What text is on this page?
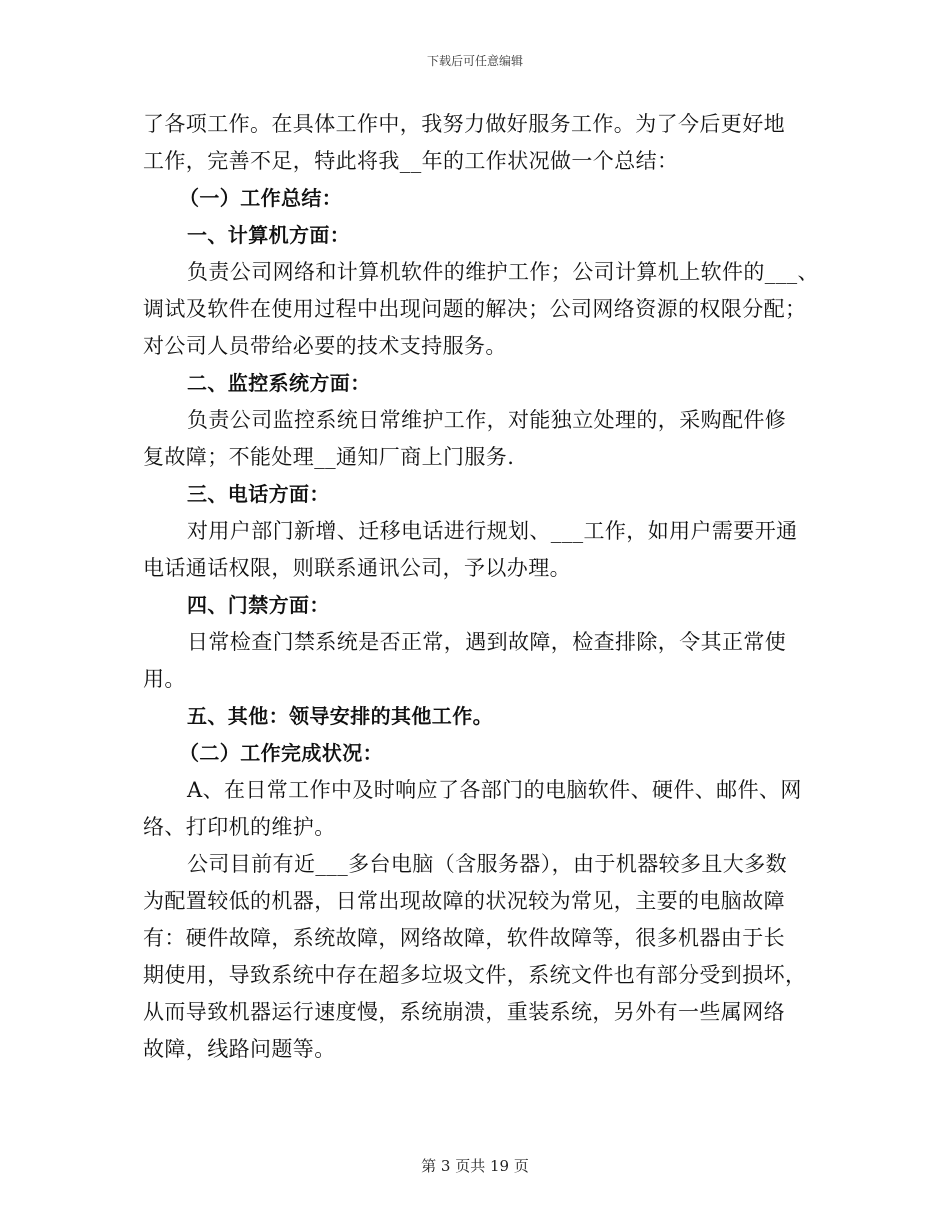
下载后可任意编辑
了各项工作。在具体工作中，我努力做好服务工作。为了今后更好地
工作，完善不足，特此将我__年的工作状况做一个总结：
（一）工作总结：
一、计算机方面：
负责公司网络和计算机软件的维护工作；公司计算机上软件的___、
调试及软件在使用过程中出现问题的解决；公司网络资源的权限分配；
对公司人员带给必要的技术支持服务。
二、监控系统方面：
负责公司监控系统日常维护工作，对能独立处理的，采购配件修
复故障；不能处理__通知厂商上门服务.
三、电话方面：
对用户部门新增、迁移电话进行规划、___工作，如用户需要开通
电话通话权限，则联系通讯公司，予以办理。
四、门禁方面：
日常检查门禁系统是否正常，遇到故障，检查排除，令其正常使
用。
五、其他：领导安排的其他工作。
（二）工作完成状况：
A、在日常工作中及时响应了各部门的电脑软件、硬件、邮件、网
络、打印机的维护。
公司目前有近___多台电脑（含服务器），由于机器较多且大多数
为配置较低的机器，日常出现故障的状况较为常见，主要的电脑故障
有：硬件故障，系统故障，网络故障，软件故障等，很多机器由于长
期使用，导致系统中存在超多垃圾文件，系统文件也有部分受到损坏，
从而导致机器运行速度慢，系统崩溃，重装系统，另外有一些属网络
故障，线路问题等。
第 3 页共 19 页
